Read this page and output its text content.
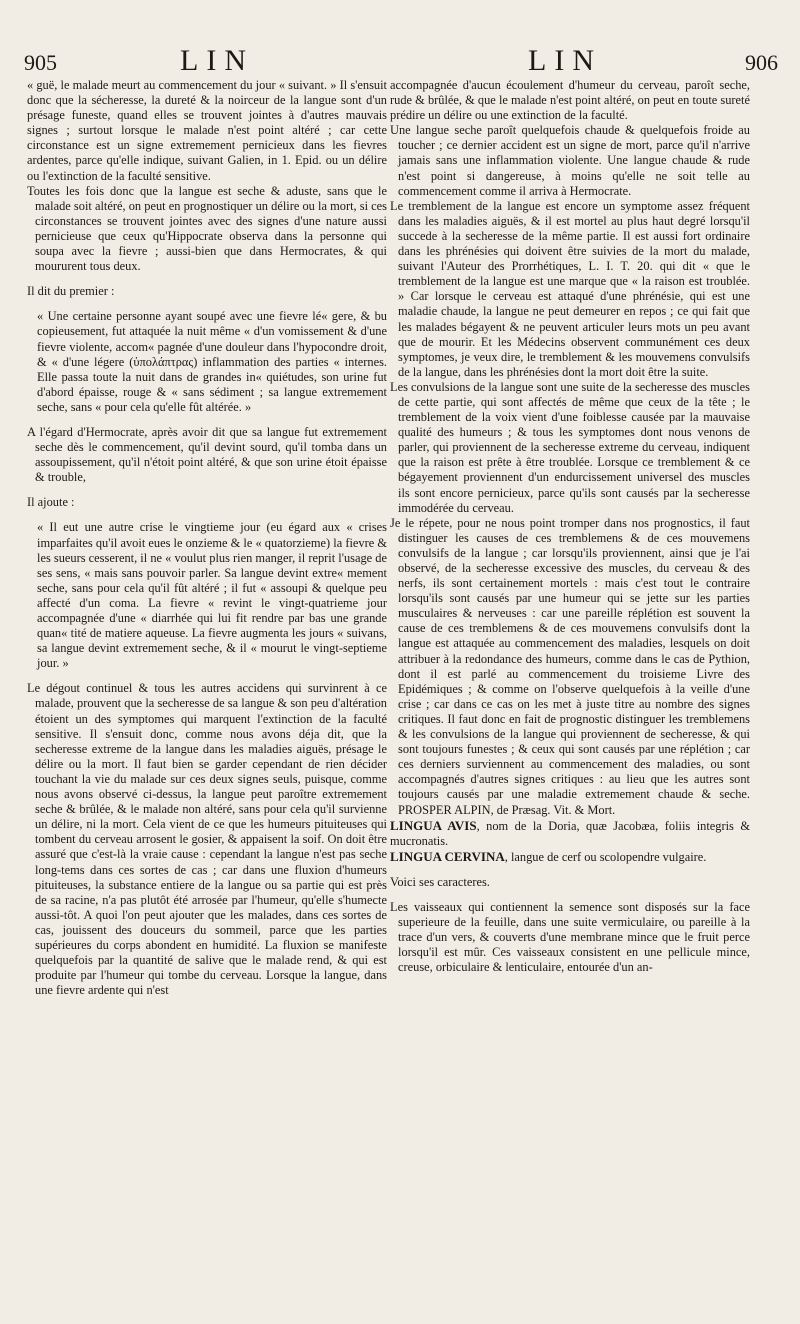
905	LIN	LIN	906

« guë, le malade meurt au commencement du jour « suivant. » Il s'ensuit donc que la sécheresse, la dureté & la noirceur de la langue sont d'un présage funeste, quand elles se trouvent jointes à d'autres mauvais signes ; surtout lorsque le malade n'est point altéré ; car cette circonstance est un signe extremement pernicieux dans les fievres ardentes, parce qu'elle indique, suivant Galien, in 1. Epid. ou un délire ou l'extinction de la faculté sensitive.

Toutes les fois donc que la langue est seche & aduste, sans que le malade soit altéré, on peut en prognostiquer un délire ou la mort, si ces circonstances se trouvent jointes avec des signes d'une nature aussi pernicieuse que ceux qu'Hippocrate observa dans la personne qui soupa avec la fievre ; aussi-bien que dans Hermocrates, & qui moururent tous deux.

Il dit du premier :

« Une certaine personne ayant soupé avec une fievre lé« gere, & bu copieusement, fut attaquée la nuit même « d'un vomissement & d'une fievre violente, accom« pagnée d'une douleur dans l'hypocondre droit, & « d'une légere (ὑπολάπτρας) inflammation des parties « internes. Elle passa toute la nuit dans de grandes in« quiétudes, son urine fut d'abord épaisse, rouge & « sans sédiment ; sa langue extremement seche, sans « pour cela qu'elle fût altérée. »

A l'égard d'Hermocrate, après avoir dit que sa langue fut extremement seche dès le commencement, qu'il devint sourd, qu'il tomba dans un assoupissement, qu'il n'étoit point altéré, & que son urine étoit épaisse & trouble,

Il ajoute :

« Il eut une autre crise le vingtieme jour (eu égard aux « crises imparfaites qu'il avoit eues le onzieme & le « quatorzieme) la fievre & les sueurs cesserent, il ne « voulut plus rien manger, il reprit l'usage de ses sens, « mais sans pouvoir parler. Sa langue devint extre« mement seche, sans pour cela qu'il fût altéré ; il fut « assoupi & quelque peu affecté d'un coma. La fievre « revint le vingt-quatrieme jour accompagnée d'une « diarrhée qui lui fit rendre par bas une grande quan« tité de matiere aqueuse. La fievre augmenta les jours « suivans, sa langue devint extremement seche, & il « mourut le vingt-septieme jour. »

Le dégout continuel & tous les autres accidens qui survinrent à ce malade, prouvent que la secheresse de sa langue & son peu d'altération étoient un des symptomes qui marquent l'extinction de la faculté sensitive. Il s'ensuit donc, comme nous avons déja dit, que la secheresse extreme de la langue dans les maladies aiguës, présage le délire ou la mort. Il faut bien se garder cependant de rien décider touchant la vie du malade sur ces deux signes seuls, puisque, comme nous avons observé ci-dessus, la langue peut paroître extremement seche & brûlée, & le malade non altéré, sans pour cela qu'il survienne un délire, ni la mort. Cela vient de ce que les humeurs pituiteuses qui tombent du cerveau arrosent le gosier, & appaisent la soif. On doit être assuré que c'est-là la vraie cause : cependant la langue n'est pas seche long-tems dans ces sortes de cas ; car dans une fluxion d'humeurs pituiteuses, la substance entiere de la langue ou sa partie qui est près de sa racine, n'a pas plutôt été arrosée par l'humeur, qu'elle s'humecte aussi-tôt. A quoi l'on peut ajouter que les malades, dans ces sortes de cas, jouissent des douceurs du sommeil, parce que les parties supérieures du corps abondent en humidité. La fluxion se manifeste quelquefois par la quantité de salive que le malade rend, & qui est produite par l'humeur qui tombe du cerveau. Lorsque la langue, dans une fievre ardente qui n'est

accompagnée d'aucun écoulement d'humeur du cerveau, paroît seche, rude & brûlée, & que le malade n'est point altéré, on peut en toute sureté prédire un délire ou une extinction de la faculté.

Une langue seche paroît quelquefois chaude & quelquefois froide au toucher ; ce dernier accident est un signe de mort, parce qu'il n'arrive jamais sans une inflammation violente. Une langue chaude & rude n'est point si dangereuse, à moins qu'elle ne soit telle au commencement comme il arriva à Hermocrate.

Le tremblement de la langue est encore un symptome assez fréquent dans les maladies aiguës, & il est mortel au plus haut degré lorsqu'il succede à la secheresse de la même partie. Il est aussi fort ordinaire dans les phrénésies qui doivent être suivies de la mort du malade, suivant l'Auteur des Prorrhétiques, L. I. T. 20. qui dit « que le tremblement de la langue est une marque que « la raison est troublée. » Car lorsque le cerveau est attaqué d'une phrénésie, qui est une maladie chaude, la langue ne peut demeurer en repos ; ce qui fait que les malades bégayent & ne peuvent articuler leurs mots un peu avant que de mourir. Et les Médecins observent communément ces deux symptomes, je veux dire, le tremblement & les mouvemens convulsifs de la langue, dans les phrénésies dont la mort doit être la suite.

Les convulsions de la langue sont une suite de la secheresse des muscles de cette partie, qui sont affectés de même que ceux de la tête ; le tremblement de la voix vient d'une foiblesse causée par la mauvaise qualité des humeurs ; & tous les symptomes dont nous venons de parler, qui proviennent de la secheresse extreme du cerveau, indiquent que la raison est prête à être troublée. Lorsque ce tremblement & ce bégayement proviennent d'un endurcissement universel des muscles ils sont encore pernicieux, parce qu'ils sont causés par la secheresse immodérée du cerveau.

Je le répete, pour ne nous point tromper dans nos prognostics, il faut distinguer les causes de ces tremblemens & de ces mouvemens convulsifs de la langue ; car lorsqu'ils proviennent, ainsi que je l'ai observé, de la secheresse excessive des muscles, du cerveau & des nerfs, ils sont certainement mortels : mais c'est tout le contraire lorsqu'ils sont causés par une humeur qui se jette sur les parties musculaires & nerveuses : car une pareille réplétion est souvent la cause de ces tremblemens & de ces mouvemens convulsifs dont la langue est attaquée au commencement des maladies, lesquels on doit attribuer à la redondance des humeurs, comme dans le cas de Pythion, dont il est parlé au commencement du troisieme Livre des Epidémiques ; & comme on l'observe quelquefois à la veille d'une crise ; car dans ce cas on les met à juste titre au nombre des signes critiques. Il faut donc en fait de prognostic distinguer les tremblemens & les convulsions de la langue qui proviennent de secheresse, & qui sont toujours funestes ; & ceux qui sont causés par une réplétion ; car ces derniers surviennent au commencement des maladies, ou sont accompagnés d'autres signes critiques : au lieu que les autres sont toujours causés par une maladie extremement chaude & seche. PROSPER ALPIN, de Præsag. Vit. & Mort.

LINGUA AVIS, nom de la Doria, quæ Jacobæa, foliis integris & mucronatis.

LINGUA CERVINA, langue de cerf ou scolopendre vulgaire.

Voici ses caracteres.

Les vaisseaux qui contiennent la semence sont disposés sur la face superieure de la feuille, dans une suite vermiculaire, ou pareille à la trace d'un vers, & couverts d'une membrane mince que le fruit perce lorsqu'il est mûr. Ces vaisseaux consistent en une pellicule mince, creuse, orbiculaire & lenticulaire, entourée d'un an-
